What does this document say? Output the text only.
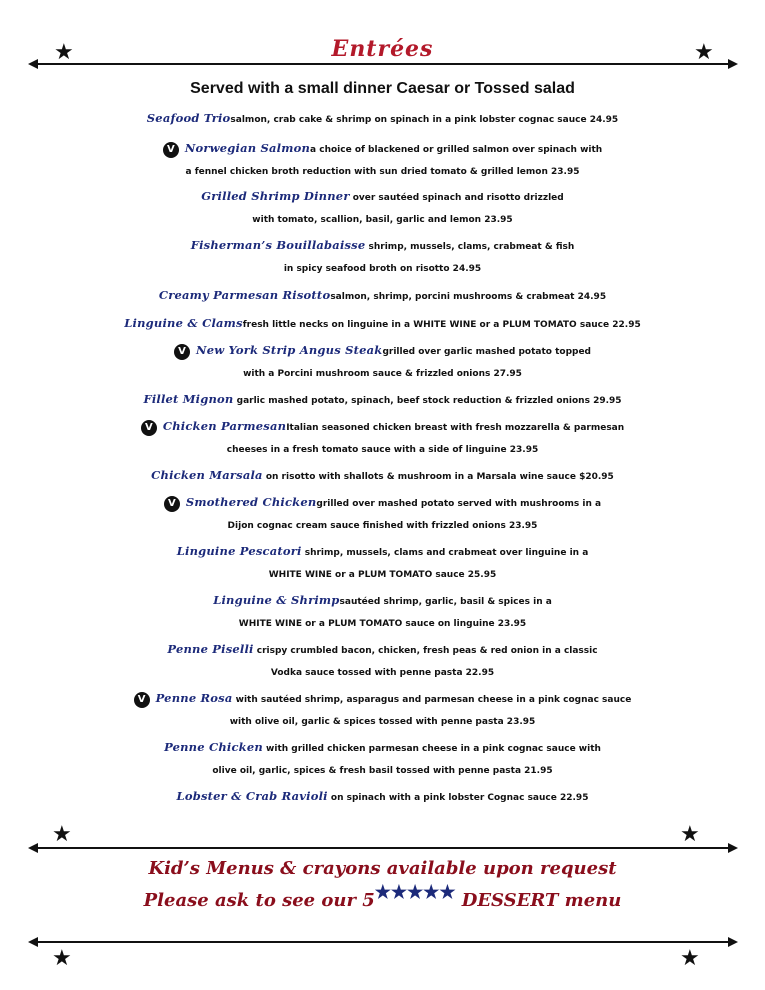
★	★
Entrées
Served with a small dinner Caesar or Tossed salad
Seafood Triosalmon, crab cake & shrimp on spinach in a pink lobster cognac sauce 24.95
V Norwegian Salmona choice of blackened or grilled salmon over spinach with
a fennel chicken broth reduction with sun dried tomato & grilled lemon 23.95
Grilled Shrimp Dinner over sautéed spinach and risotto drizzled
with tomato, scallion, basil, garlic and lemon 23.95
Fisherman’s Bouillabaisse shrimp, mussels, clams, crabmeat & fish
in spicy seafood broth on risotto 24.95
Creamy Parmesan Risottosalmon, shrimp, porcini mushrooms & crabmeat 24.95
Linguine & Clamsfresh little necks on linguine in a WHITE WINE or a PLUM TOMATO sauce 22.95
V New York Strip Angus Steakgrilled over garlic mashed potato topped
with a Porcini mushroom sauce & frizzled onions 27.95
Fillet Mignon garlic mashed potato, spinach, beef stock reduction & frizzled onions 29.95
V Chicken ParmesanItalian seasoned chicken breast with fresh mozzarella & parmesan
cheeses in a fresh tomato sauce with a side of linguine 23.95
Chicken Marsala on risotto with shallots & mushroom in a Marsala wine sauce $20.95
V Smothered Chickengrilled over mashed potato served with mushrooms in a
Dijon cognac cream sauce finished with frizzled onions 23.95
Linguine Pescatori shrimp, mussels, clams and crabmeat over linguine in a
WHITE WINE or a PLUM TOMATO sauce 25.95
Linguine & Shrimpsautéed shrimp, garlic, basil & spices in a
WHITE WINE or a PLUM TOMATO sauce on linguine 23.95
Penne Piselli crispy crumbled bacon, chicken, fresh peas & red onion in a classic
Vodka sauce tossed with penne pasta 22.95
V Penne Rosa with sautéed shrimp, asparagus and parmesan cheese in a pink cognac sauce
with olive oil, garlic & spices tossed with penne pasta 23.95
Penne Chicken with grilled chicken parmesan cheese in a pink cognac sauce with
olive oil, garlic, spices & fresh basil tossed with penne pasta 21.95
Lobster & Crab Ravioli on spinach with a pink lobster Cognac sauce 22.95
★	★
Kid’s Menus & crayons available upon request
Please ask to see our 5★★★★★ DESSERT menu
★	★
